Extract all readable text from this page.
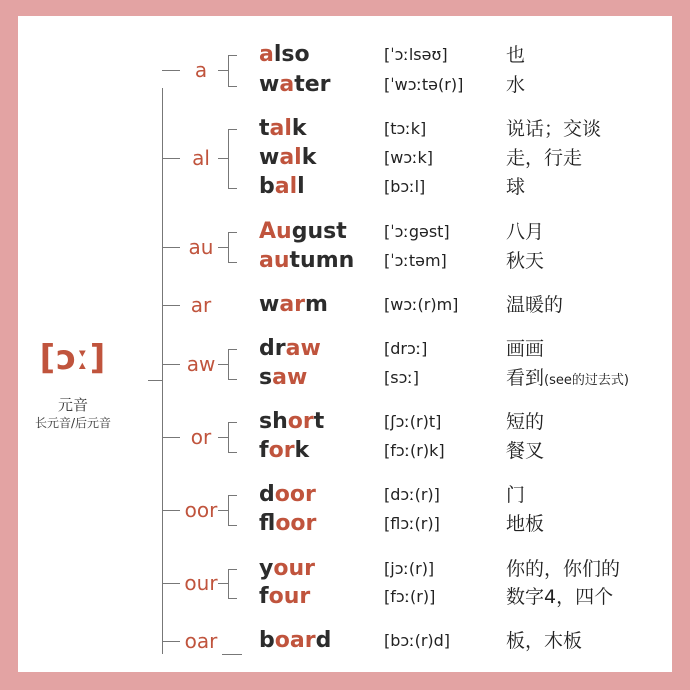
[ɔː]
元音
长元音/后元音
a
also	[ˈɔːlsəʊ]	也
water	[ˈwɔːtə(r)] 水
al
talk	[tɔːk]	说话；交谈
walk	[wɔːk]	走，行走
ball	[bɔːl]	球
au
August [ˈɔːgəst]	八月
autumn [ˈɔːtəm]	秋天
ar	warm	[wɔː(r)m]	温暖的
aw
draw	[drɔː]	画画
saw	[sɔː]	看到(see的过去式)
or
short	[ʃɔː(r)t]	短的
fork	[fɔː(r)k]	餐叉
oor
door	[dɔː(r)]	门
floor	[flɔː(r)]	地板
our
your	[jɔː(r)]	你的，你们的
four	[fɔː(r)]	数字4，四个
oar board	[bɔː(r)d]	板，木板
